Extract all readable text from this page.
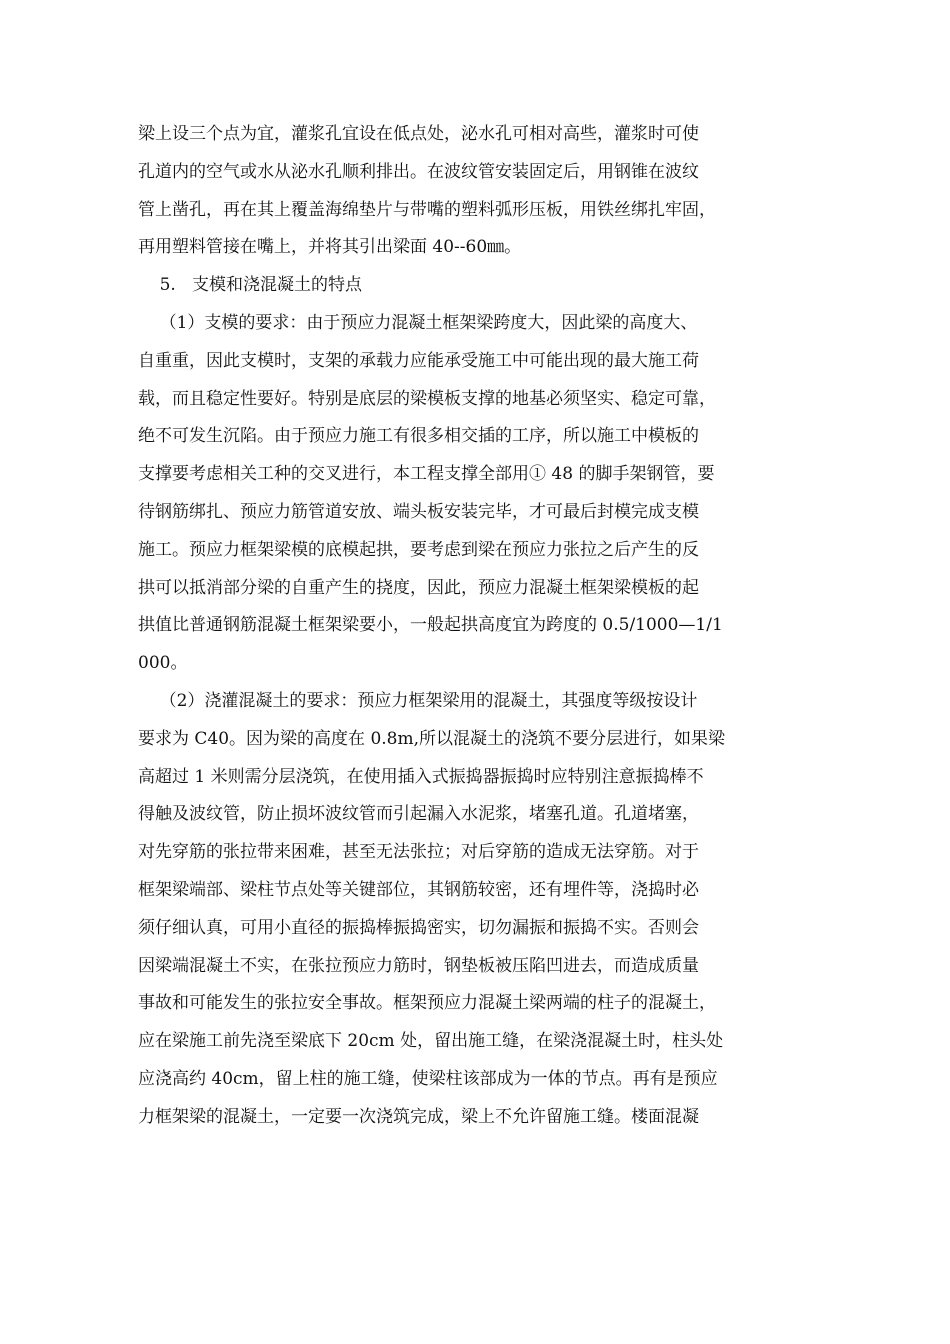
梁上设三个点为宜，灌浆孔宜设在低点处，泌水孔可相对高些，灌浆时可使
孔道内的空气或水从泌水孔顺利排出。在波纹管安装固定后，用钢锥在波纹
管上凿孔，再在其上覆盖海绵垫片与带嘴的塑料弧形压板，用铁丝绑扎牢固，
再用塑料管接在嘴上，并将其引出梁面 40--60㎜。
5.   支模和浇混凝土的特点
（1）支模的要求：由于预应力混凝土框架梁跨度大，因此梁的高度大、
自重重，因此支模时，支架的承载力应能承受施工中可能出现的最大施工荷
载，而且稳定性要好。特别是底层的梁模板支撑的地基必须坚实、稳定可靠，
绝不可发生沉陷。由于预应力施工有很多相交插的工序，所以施工中模板的
支撑要考虑相关工种的交叉进行，本工程支撑全部用① 48 的脚手架钢管，要
待钢筋绑扎、预应力筋管道安放、端头板安装完毕，才可最后封模完成支模
施工。预应力框架梁模的底模起拱，要考虑到梁在预应力张拉之后产生的反
拱可以抵消部分梁的自重产生的挠度，因此，预应力混凝土框架梁模板的起
拱值比普通钢筋混凝土框架梁要小，一般起拱高度宜为跨度的 0.5/1000—1/1
000。
（2）浇灌混凝土的要求：预应力框架梁用的混凝土，其强度等级按设计
要求为 C40。因为梁的高度在 0.8m,所以混凝土的浇筑不要分层进行，如果梁
高超过 1 米则需分层浇筑，在使用插入式振捣器振捣时应特别注意振捣棒不
得触及波纹管，防止损坏波纹管而引起漏入水泥浆，堵塞孔道。孔道堵塞，
对先穿筋的张拉带来困难，甚至无法张拉；对后穿筋的造成无法穿筋。对于
框架梁端部、梁柱节点处等关键部位，其钢筋较密，还有埋件等，浇捣时必
须仔细认真，可用小直径的振捣棒振捣密实，切勿漏振和振捣不实。否则会
因梁端混凝土不实，在张拉预应力筋时，钢垫板被压陷凹进去，而造成质量
事故和可能发生的张拉安全事故。框架预应力混凝土梁两端的柱子的混凝土，
应在梁施工前先浇至梁底下 20cm 处，留出施工缝，在梁浇混凝土时，柱头处
应浇高约 40cm，留上柱的施工缝，使梁柱该部成为一体的节点。再有是预应
力框架梁的混凝土，一定要一次浇筑完成，梁上不允许留施工缝。楼面混凝
